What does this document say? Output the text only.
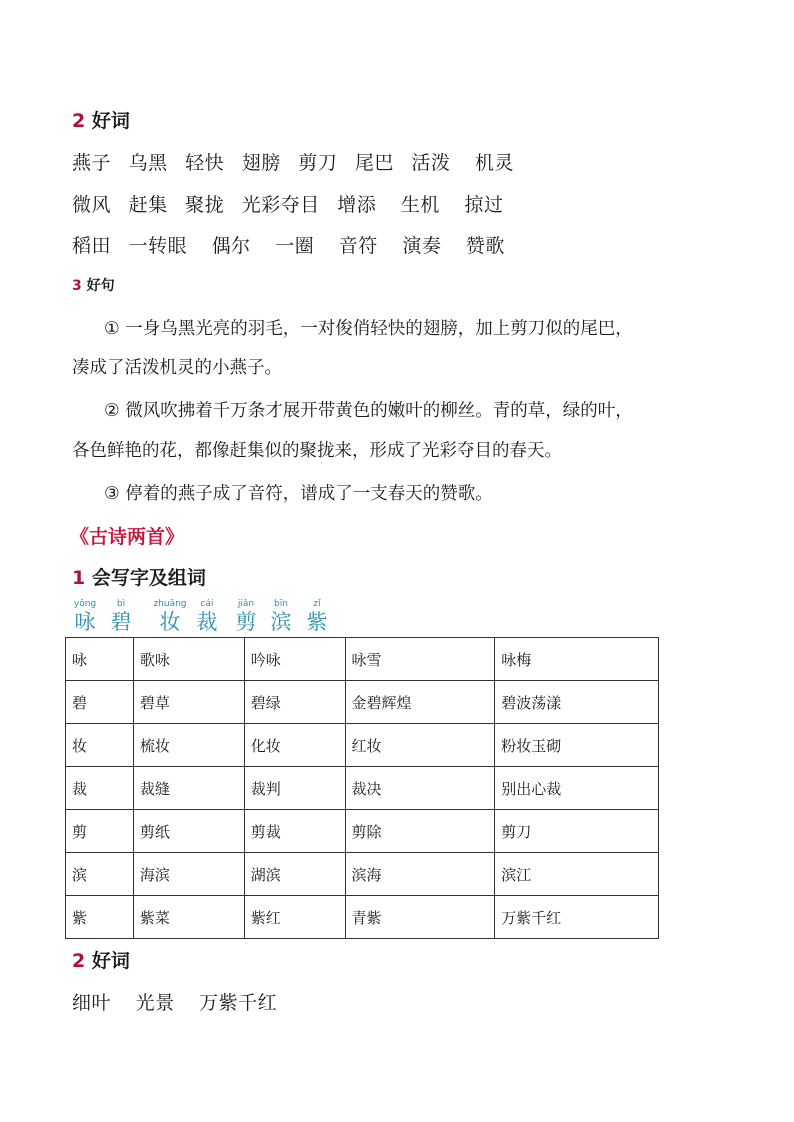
2 好词
燕子 乌黑 轻快 翅膀 剪刀 尾巴 活泼 机灵
微风 赶集 聚拢 光彩夺目 增添 生机 掠过
稻田 一转眼 偶尔 一圈 音符 演奏 赞歌
3 好句
① 一身乌黑光亮的羽毛，一对俊俏轻快的翅膀，加上剪刀似的尾巴，
凑成了活泼机灵的小燕子。
② 微风吹拂着千万条才展开带黄色的嫩叶的柳丝。青的草，绿的叶，
各色鲜艳的花，都像赶集似的聚拢来，形成了光彩夺目的春天。
③ 停着的燕子成了音符，谱成了一支春天的赞歌。
《古诗两首》
1 会写字及组词
yǒng
咏
bì
碧
zhuāng
妆
cái
裁
jiǎn
剪
bīn
滨
zǐ
紫
咏	歌咏	吟咏	咏雪	咏梅
碧	碧草	碧绿	金碧辉煌	碧波荡漾
妆	梳妆	化妆	红妆	粉妆玉砌
裁	裁缝	裁判	裁决	别出心裁
剪	剪纸	剪裁	剪除	剪刀
滨	海滨	湖滨	滨海	滨江
紫	紫菜	紫红	青紫	万紫千红
2 好词
细叶 光景 万紫千红
